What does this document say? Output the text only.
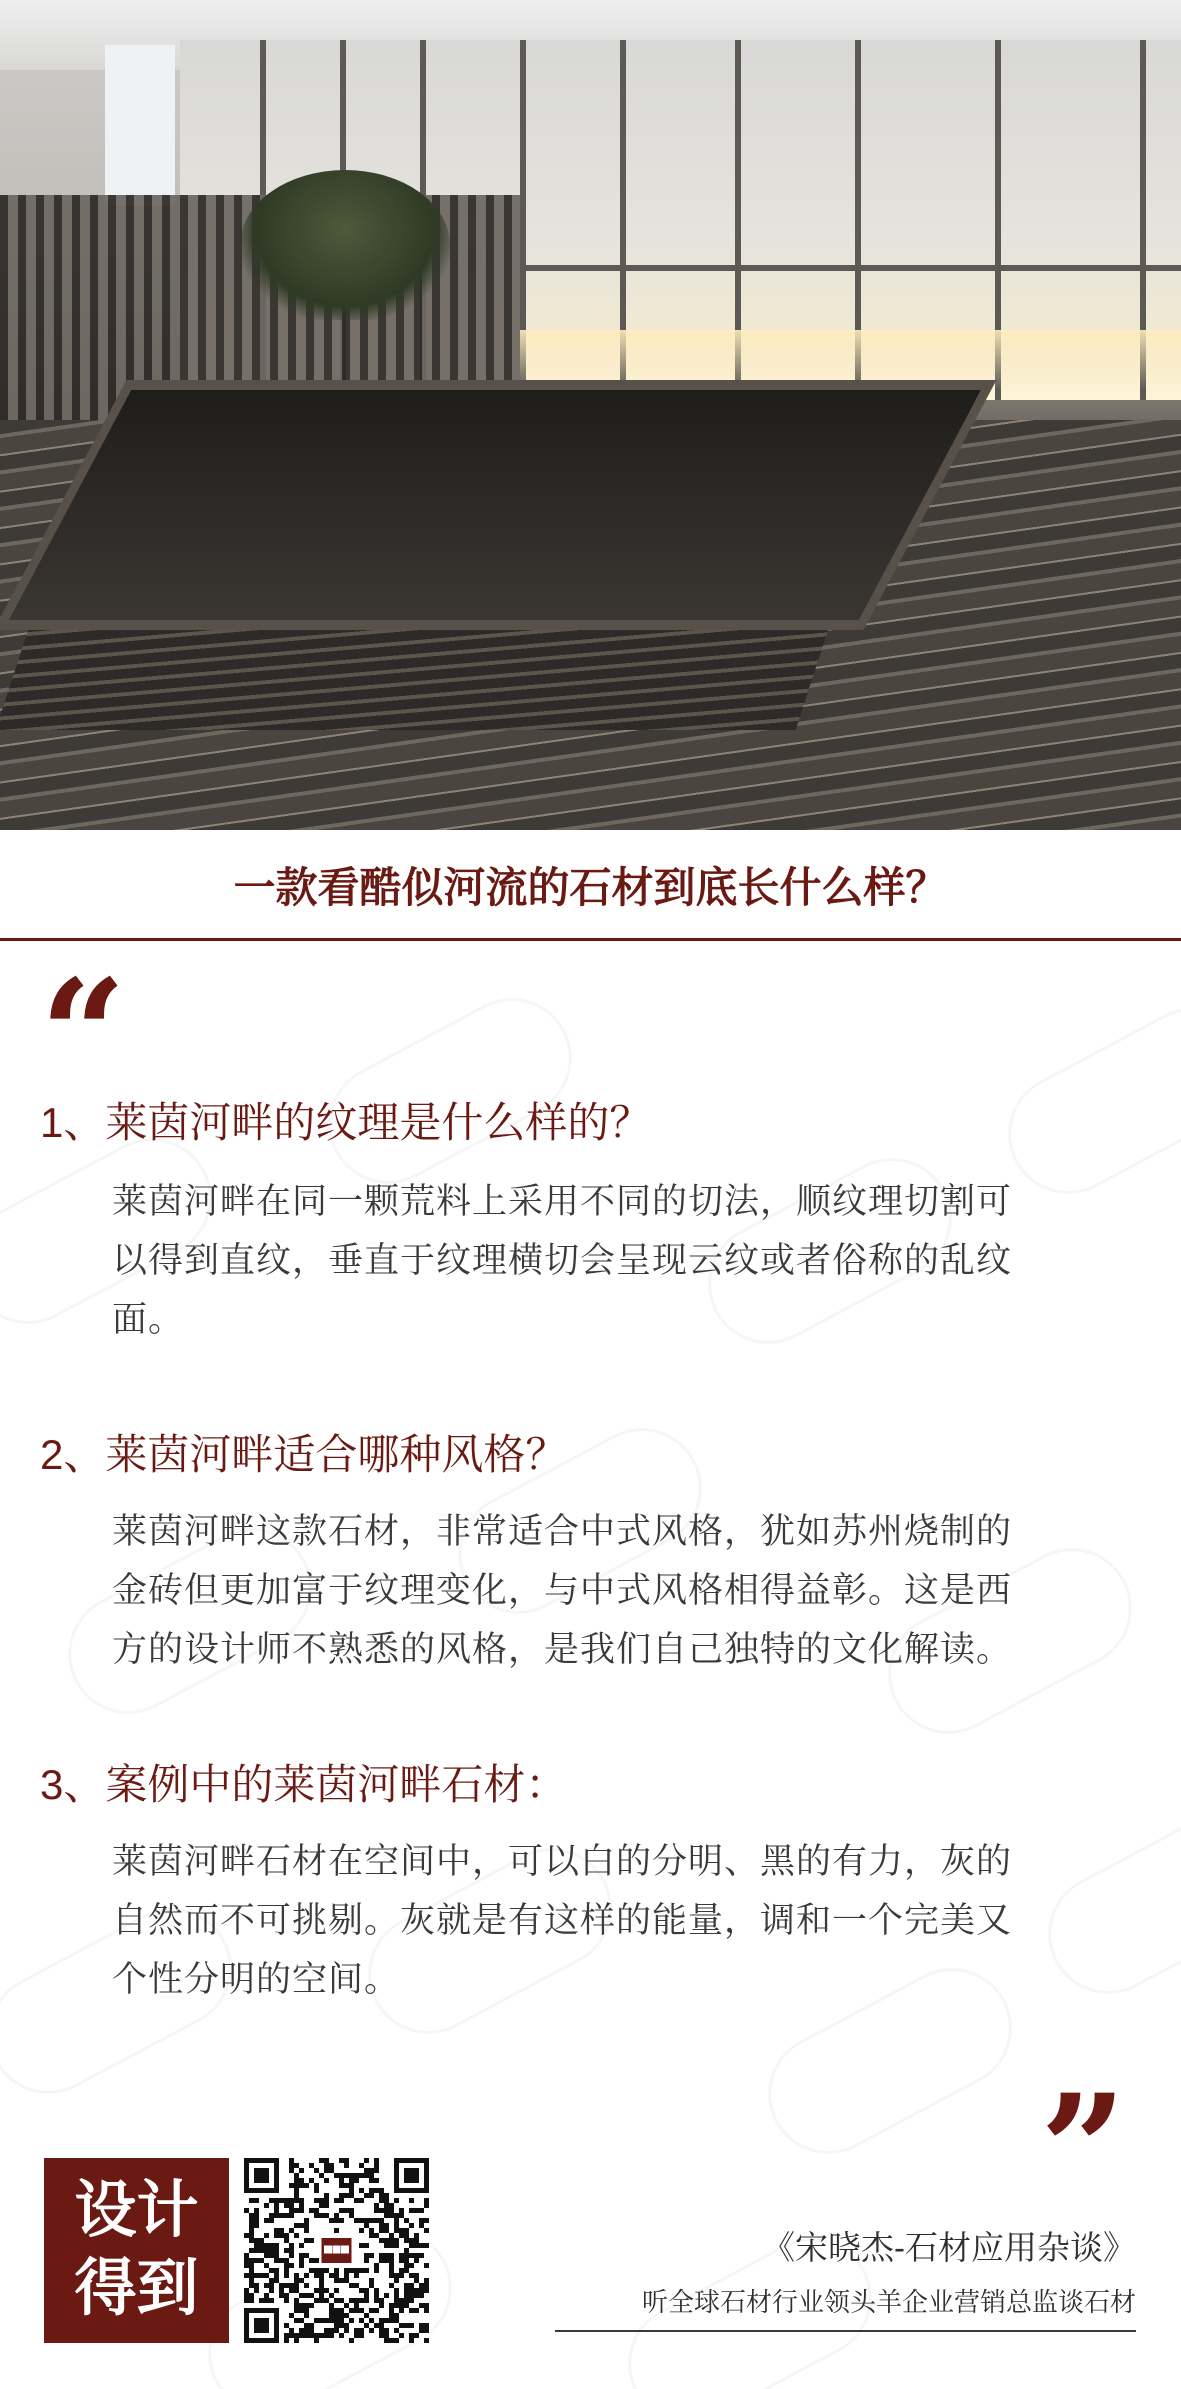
一款看酷似河流的石材到底长什么样？
“
1、莱茵河畔的纹理是什么样的？
莱茵河畔在同一颗荒料上采用不同的切法，顺纹理切割可
以得到直纹，垂直于纹理横切会呈现云纹或者俗称的乱纹
面。
2、莱茵河畔适合哪种风格？
莱茵河畔这款石材，非常适合中式风格，犹如苏州烧制的
金砖但更加富于纹理变化，与中式风格相得益彰。这是西
方的设计师不熟悉的风格，是我们自己独特的文化解读。
3、案例中的莱茵河畔石材：
莱茵河畔石材在空间中，可以白的分明、黑的有力，灰的
自然而不可挑剔。灰就是有这样的能量，调和一个完美又
个性分明的空间。
”
设计
得到
《宋晓杰-石材应用杂谈》
听全球石材行业领头羊企业营销总监谈石材
